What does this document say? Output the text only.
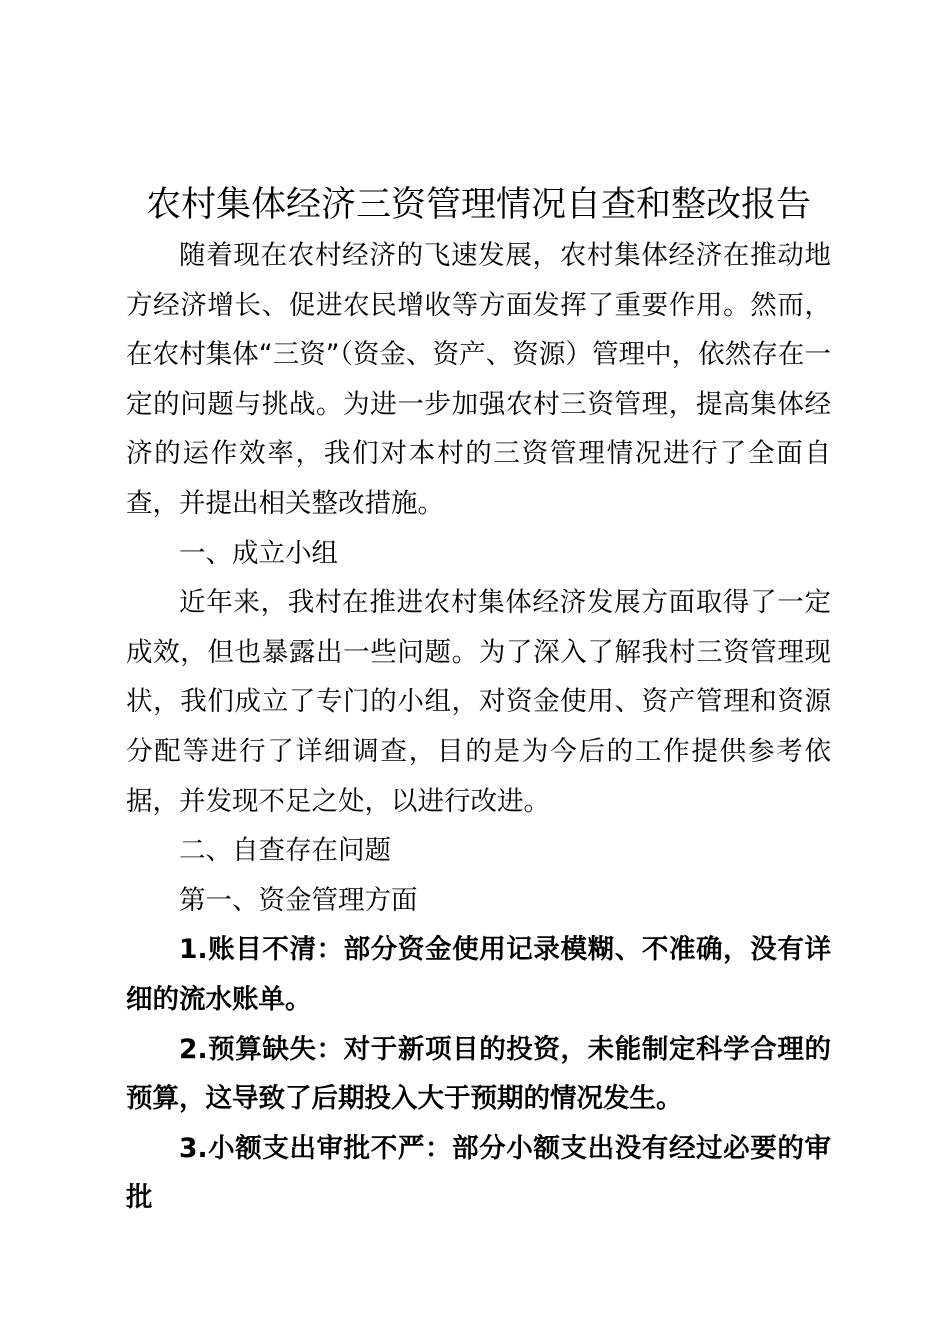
农村集体经济三资管理情况自查和整改报告

随着现在农村经济的飞速发展，农村集体经济在推动地方经济增长、促进农民增收等方面发挥了重要作用。然而，在农村集体“三资”（资金、资产、资源）管理中，依然存在一定的问题与挑战。为进一步加强农村三资管理，提高集体经济的运作效率，我们对本村的三资管理情况进行了全面自查，并提出相关整改措施。

一、成立小组

近年来，我村在推进农村集体经济发展方面取得了一定成效，但也暴露出一些问题。为了深入了解我村三资管理现状，我们成立了专门的小组，对资金使用、资产管理和资源分配等进行了详细调查，目的是为今后的工作提供参考依据，并发现不足之处，以进行改进。

二、自查存在问题

第一、资金管理方面

1.账目不清：部分资金使用记录模糊、不准确，没有详细的流水账单。

2.预算缺失：对于新项目的投资，未能制定科学合理的预算，这导致了后期投入大于预期的情况发生。

3.小额支出审批不严：部分小额支出没有经过必要的审批
